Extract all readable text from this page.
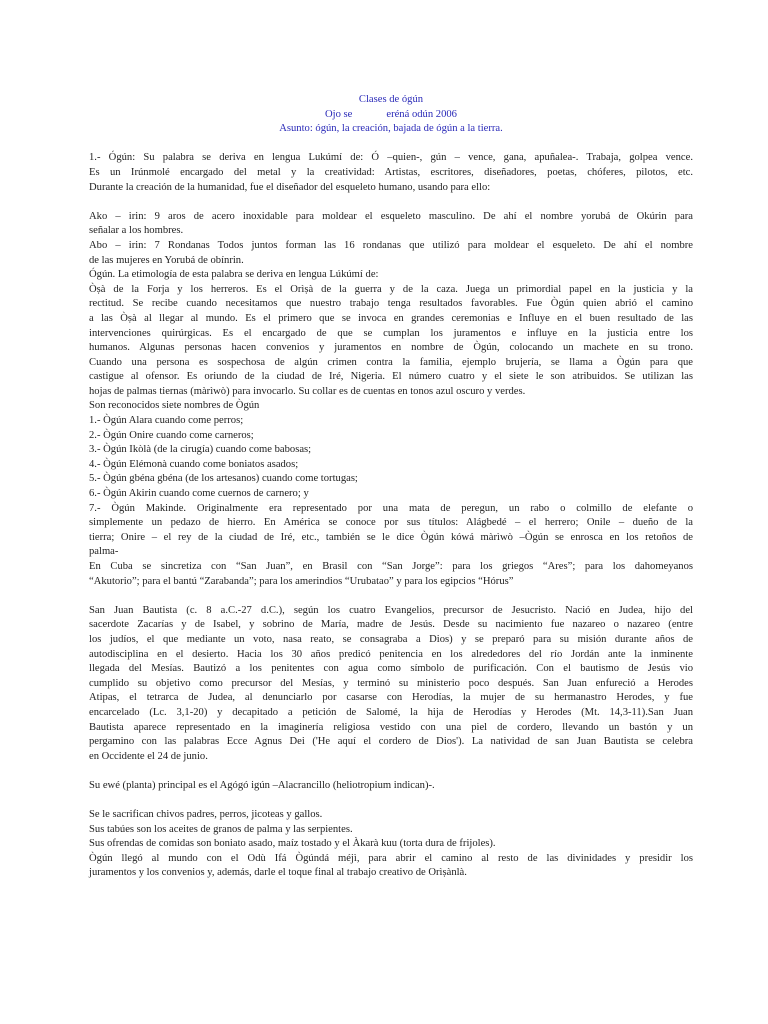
Clases de ógún
Ojo se	eréná odún 2006
Asunto: ógún, la creación, bajada de ógún a la tierra.
1.- Ógún: Su palabra se deriva en lengua Lukúmí de: Ó –quien-, gún – vence, gana, apuñalea-. Trabaja, golpea vence.
Es un Irúnmolé encargado del metal y la creatividad: Artistas, escritores, diseñadores, poetas, chóferes, pilotos, etc.
Durante la creación de la humanidad, fue el diseñador del esqueleto humano, usando para ello:
Ako – irin: 9 aros de acero inoxidable para moldear el esqueleto masculino. De ahí el nombre yorubá de Okúrin para
señalar a los hombres.
Abo – irin: 7 Rondanas Todos juntos forman las 16 rondanas que utilizó para moldear el esqueleto. De ahí el nombre
de las mujeres en Yorubá de obínrin.
Ógún. La etimología de esta palabra se deriva en lengua Lúkúmí de:
Òṣà de la Forja y los herreros. Es el Orìṣà de la guerra y de la caza. Juega un primordial papel en la justicia y la
rectitud. Se recibe cuando necesitamos que nuestro trabajo tenga resultados favorables. Fue Ògún quien abrió el camino
a las Òṣà al llegar al mundo. Es el primero que se invoca en grandes ceremonias e Influye en el buen resultado de las
intervenciones quirúrgicas. Es el encargado de que se cumplan los juramentos e influye en la justicia entre los
humanos. Algunas personas hacen convenios y juramentos en nombre de Ògún, colocando un machete en su trono.
Cuando una persona es sospechosa de algún crimen contra la familia, ejemplo brujería, se llama a Ògún para que
castigue al ofensor. Es oriundo de la ciudad de Iré, Nigeria. El número cuatro y el siete le son atribuidos. Se utilizan las
hojas de palmas tiernas (màrìwò) para invocarlo. Su collar es de cuentas en tonos azul oscuro y verdes.
Son reconocidos siete nombres de Ògún
1.- Ògún Alara cuando come perros;
2.- Ògún Onire cuando come carneros;
3.- Ògún Ikòlà (de la cirugía) cuando come babosas;
4.- Ògún Elémonà cuando come boniatos asados;
5.- Ògún gbéna gbéna (de los artesanos) cuando come tortugas;
6.- Ògún Akirin cuando come cuernos de carnero; y
7.- Ògún Makinde. Originalmente era representado por una mata de peregun, un rabo o colmillo de elefante o
simplemente un pedazo de hierro. En América se conoce por sus títulos: Alágbedé – el herrero; Onile – dueño de la
tierra; Onire – el rey de la ciudad de Iré, etc., también se le dice Ògún kówá màrìwò –Ògún se enrosca en los retoños de
palma-
En Cuba se sincretiza con “San Juan”, en Brasil con “San Jorge”: para los griegos “Ares”; para los dahomeyanos
“Akutorio”; para el bantú “Zarabanda”; para los amerindios “Urubatao” y para los egipcios “Hórus”
San Juan Bautista (c. 8 a.C.-27 d.C.), según los cuatro Evangelios, precursor de Jesucristo. Nació en Judea, hijo del
sacerdote Zacarías y de Isabel, y sobrino de María, madre de Jesús. Desde su nacimiento fue nazareo o nazareo (entre
los judíos, el que mediante un voto, nasa reato, se consagraba a Dios) y se preparó para su misión durante años de
autodisciplina en el desierto. Hacia los 30 años predicó penitencia en los alrededores del río Jordán ante la inminente
llegada del Mesías. Bautizó a los penitentes con agua como símbolo de purificación. Con el bautismo de Jesús vio
cumplido su objetivo como precursor del Mesías, y terminó su ministerio poco después. San Juan enfureció a Herodes
Atipas, el tetrarca de Judea, al denunciarlo por casarse con Herodías, la mujer de su hermanastro Herodes, y fue
encarcelado (Lc. 3,1-20) y decapitado a petición de Salomé, la hija de Herodías y Herodes (Mt. 14,3-11).San Juan
Bautista aparece representado en la imaginería religiosa vestido con una piel de cordero, llevando un bastón y un
pergamino con las palabras Ecce Agnus Dei ('He aquí el cordero de Dios'). La natividad de san Juan Bautista se celebra
en Occidente el 24 de junio.
Su ewé (planta) principal es el Agógó igún –Alacrancillo (heliotropium indican)-.
Se le sacrifican chivos padres, perros, jicoteas y gallos.
Sus tabúes son los aceites de granos de palma y las serpientes.
Sus ofrendas de comidas son boniato asado, maíz tostado y el Àkarà kuu (torta dura de frijoles).
Ògún llegó al mundo con el Odù Ifá Ògúndá méjì, para abrir el camino al resto de las divinidades y presidir los
juramentos y los convenios y, además, darle el toque final al trabajo creativo de Orìṣànlà.
